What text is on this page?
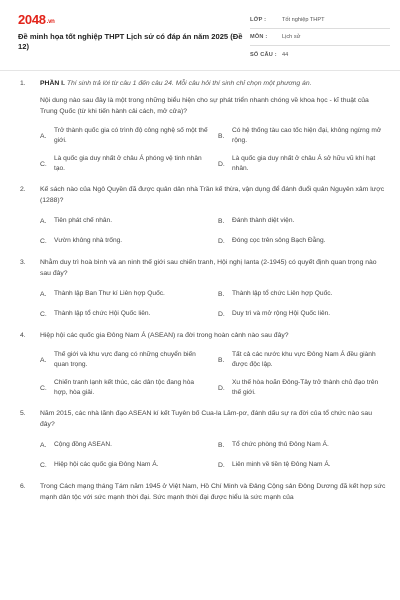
2048.vn
Đề minh họa tốt nghiệp THPT Lịch sử có đáp án năm 2025 (Đề 12)
LỚP :	Tốt nghiệp THPT
MÔN :	Lịch sử
SỐ CÂU : 44
1.	PHẦN I. Thí sinh trả lời từ câu 1 đến câu 24. Mỗi câu hỏi thí sinh chỉ chọn một phương án.
Nội dung nào sau đây là một trong những biểu hiện cho sự phát triển nhanh chóng về khoa học - kĩ thuật của Trung Quốc (từ khi tiến hành cải cách, mở cửa)?
A.
Trở thành quốc gia có trình độ công nghệ số một thế giới.
B.
Có hệ thống tàu cao tốc hiện đại, không ngừng mở rộng.
C.
Là quốc gia duy nhất ở châu Á phóng vệ tinh nhân tạo.
D.
Là quốc gia duy nhất ở châu Á sở hữu vũ khí hạt nhân.
2.	Kế sách nào của Ngô Quyền đã được quân dân nhà Trần kế thừa, vận dụng để đánh đuổi quân Nguyên xâm lược (1288)?
A.	Tiên phát chế nhân.	B.	Đánh thành diệt viện.
C.	Vườn không nhà trống.	D.	Đóng cọc trên sông Bạch Đằng.
3.	Nhằm duy trì hoà bình và an ninh thế giới sau chiến tranh, Hội nghị Ianta (2-1945) có quyết định quan trọng nào sau đây?
A.	Thành lập Ban Thư kí Liên hợp Quốc.	B.	Thành lập tổ chức Liên hợp Quốc.
C.	Thành lập tổ chức Hội Quốc liên.	D.	Duy trì và mở rộng Hội Quốc liên.
4.	Hiệp hội các quốc gia Đông Nam Á (ASEAN) ra đời trong hoàn cảnh nào sau đây?
A.
Thế giới và khu vực đang có những chuyển biến quan trọng.
B.
Tất cả các nước khu vực Đông Nam Á đều giành được độc lập.
C.
Chiến tranh lạnh kết thúc, các dân tộc đang hòa hợp, hòa giải.
D.
Xu thế hòa hoãn Đông-Tây trở thành chủ đạo trên thế giới.
5.	Năm 2015, các nhà lãnh đạo ASEAN kí kết Tuyên bố Cua-la Lăm-pơ, đánh dấu sự ra đời của tổ chức nào sau đây?
A.	Cộng đồng ASEAN.	B.	Tổ chức phòng thủ Đông Nam Á.
C.	Hiệp hội các quốc gia Đông Nam Á.	D.	Liên minh về tiền tệ Đông Nam Á.
6.	Trong Cách mạng tháng Tám năm 1945 ở Việt Nam, Hồ Chí Minh và Đảng Cộng sản Đông Dương đã kết hợp sức mạnh dân tộc với sức mạnh thời đại. Sức mạnh thời đại được hiểu là sức mạnh của
